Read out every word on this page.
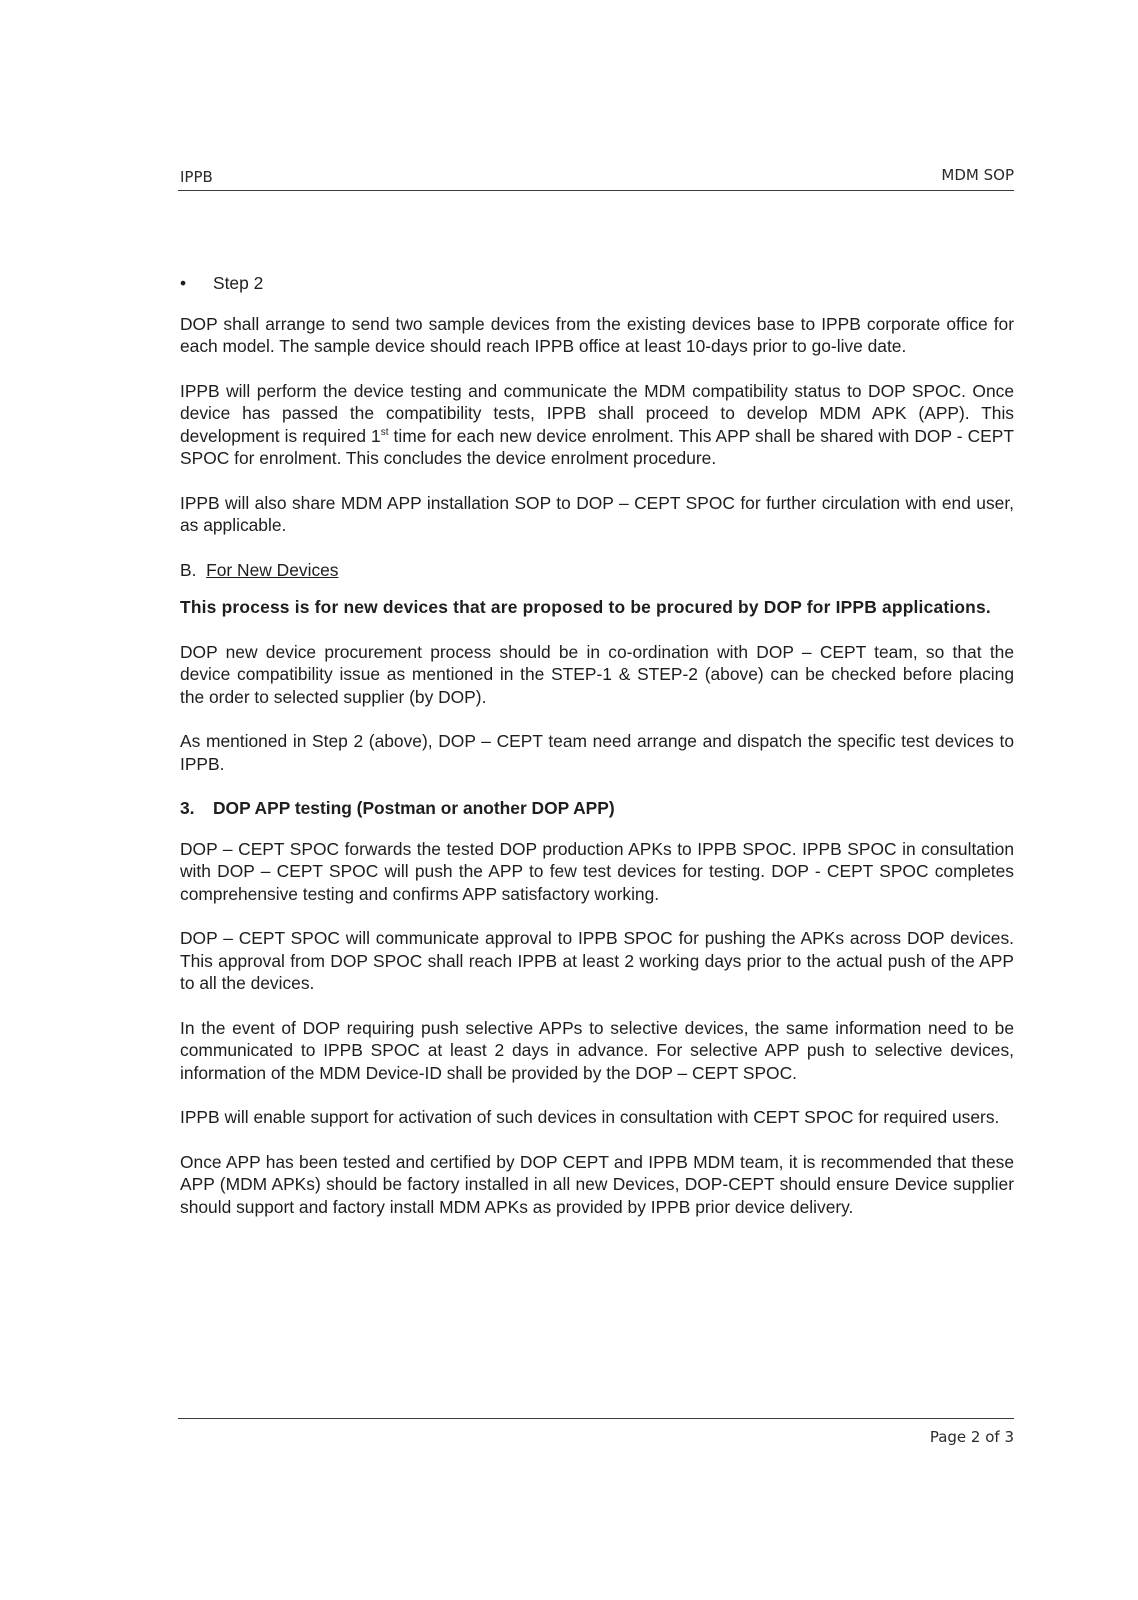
IPPB	MDM SOP
• Step 2

DOP shall arrange to send two sample devices from the existing devices base to IPPB corporate office for each model. The sample device should reach IPPB office at least 10-days prior to go-live date.

IPPB will perform the device testing and communicate the MDM compatibility status to DOP SPOC. Once device has passed the compatibility tests, IPPB shall proceed to develop MDM APK (APP). This development is required 1st time for each new device enrolment. This APP shall be shared with DOP - CEPT SPOC for enrolment. This concludes the device enrolment procedure.

IPPB will also share MDM APP installation SOP to DOP – CEPT SPOC for further circulation with end user, as applicable.

B. For New Devices

This process is for new devices that are proposed to be procured by DOP for IPPB applications.

DOP new device procurement process should be in co-ordination with DOP – CEPT team, so that the device compatibility issue as mentioned in the STEP-1 & STEP-2 (above) can be checked before placing the order to selected supplier (by DOP).

As mentioned in Step 2 (above), DOP – CEPT team need arrange and dispatch the specific test devices to IPPB.

3. DOP APP testing (Postman or another DOP APP)

DOP – CEPT SPOC forwards the tested DOP production APKs to IPPB SPOC. IPPB SPOC in consultation with DOP – CEPT SPOC will push the APP to few test devices for testing. DOP - CEPT SPOC completes comprehensive testing and confirms APP satisfactory working.

DOP – CEPT SPOC will communicate approval to IPPB SPOC for pushing the APKs across DOP devices. This approval from DOP SPOC shall reach IPPB at least 2 working days prior to the actual push of the APP to all the devices.

In the event of DOP requiring push selective APPs to selective devices, the same information need to be communicated to IPPB SPOC at least 2 days in advance. For selective APP push to selective devices, information of the MDM Device-ID shall be provided by the DOP – CEPT SPOC.

IPPB will enable support for activation of such devices in consultation with CEPT SPOC for required users.

Once APP has been tested and certified by DOP CEPT and IPPB MDM team, it is recommended that these APP (MDM APKs) should be factory installed in all new Devices, DOP-CEPT should ensure Device supplier should support and factory install MDM APKs as provided by IPPB prior device delivery.

Page 2 of 3
